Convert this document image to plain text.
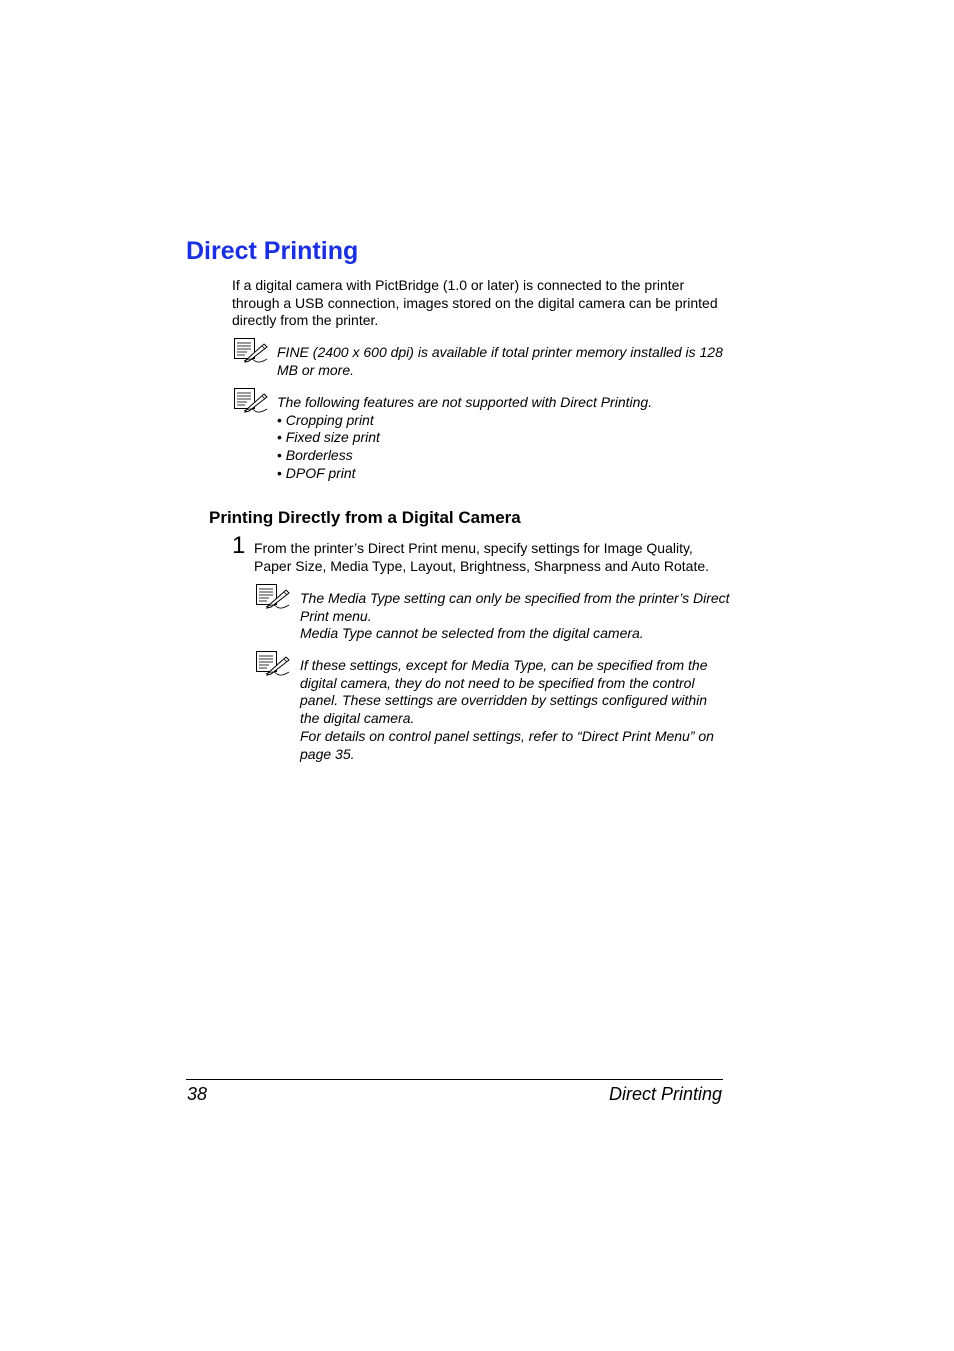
Direct Printing

If a digital camera with PictBridge (1.0 or later) is connected to the printer through a USB connection, images stored on the digital camera can be printed directly from the printer.

FINE (2400 x 600 dpi) is available if total printer memory installed is 128 MB or more.

The following features are not supported with Direct Printing.

• Cropping print
• Fixed size print
• Borderless
• DPOF print
Printing Directly from a Digital Camera
1 From the printer’s Direct Print menu, specify settings for Image Quality, Paper Size, Media Type, Layout, Brightness, Sharpness and Auto Rotate.

The Media Type setting can only be specified from the printer’s Direct Print menu.

Media Type cannot be selected from the digital camera.

If these settings, except for Media Type, can be specified from the digital camera, they do not need to be specified from the control panel. These settings are overridden by settings configured within the digital camera.

For details on control panel settings, refer to “Direct Print Menu” on page 35.

38	Direct Printing
